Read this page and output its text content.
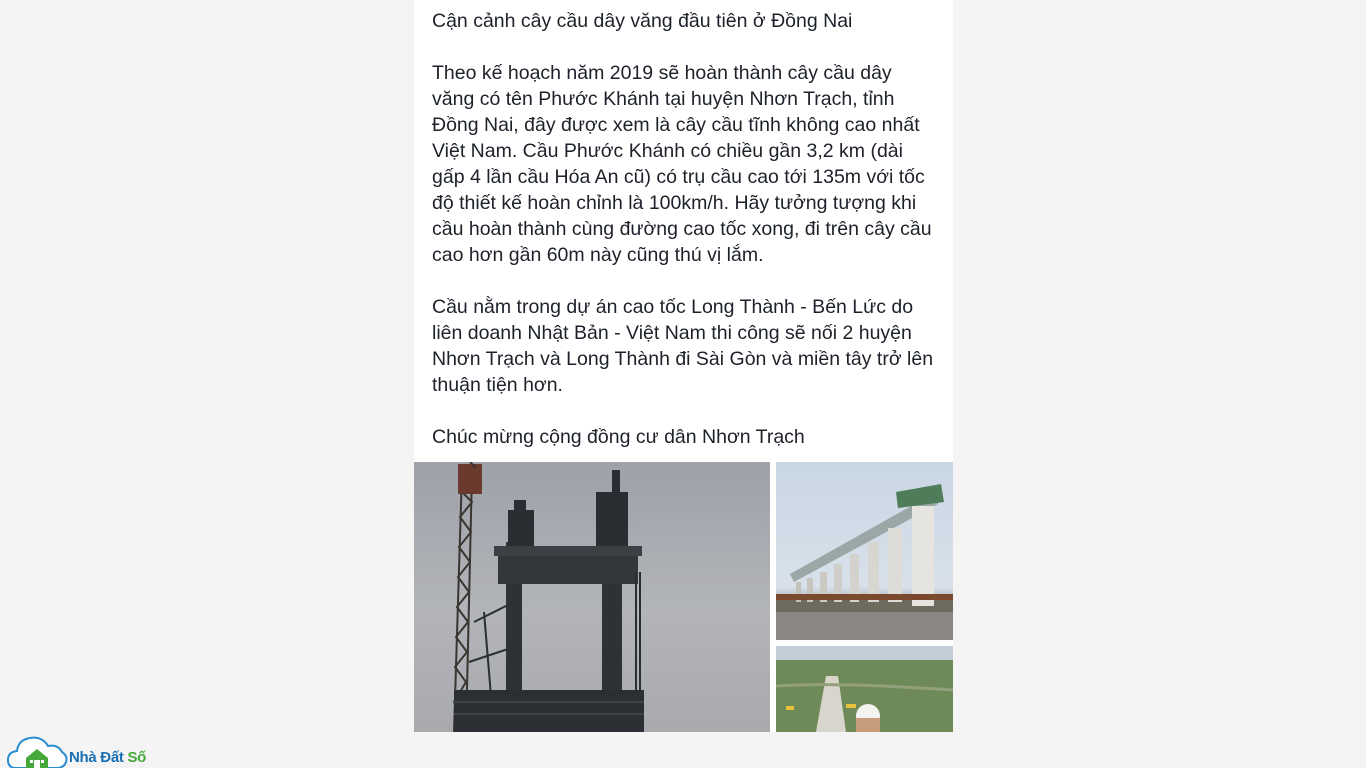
Cận cảnh cây cầu dây văng đầu tiên ở Đồng Nai

Theo kế hoạch năm 2019 sẽ hoàn thành cây cầu dây văng có tên Phước Khánh tại huyện Nhơn Trạch, tỉnh Đồng Nai, đây được xem là cây cầu tĩnh không cao nhất Việt Nam. Cầu Phước Khánh có chiều gần 3,2 km (dài gấp 4 lần cầu Hóa An cũ) có trụ cầu cao tới 135m với tốc độ thiết kế hoàn chỉnh là 100km/h. Hãy tưởng tượng khi cầu hoàn thành cùng đường cao tốc xong, đi trên cây cầu cao hơn gần 60m này cũng thú vị lắm.

Cầu nằm trong dự án cao tốc Long Thành - Bến Lức do liên doanh Nhật Bản - Việt Nam thi công sẽ nối 2 huyện Nhơn Trạch và Long Thành đi Sài Gòn và miền tây trở lên thuận tiện hơn.

Chúc mừng cộng đồng cư dân Nhơn Trạch

Nhà Đất Số
